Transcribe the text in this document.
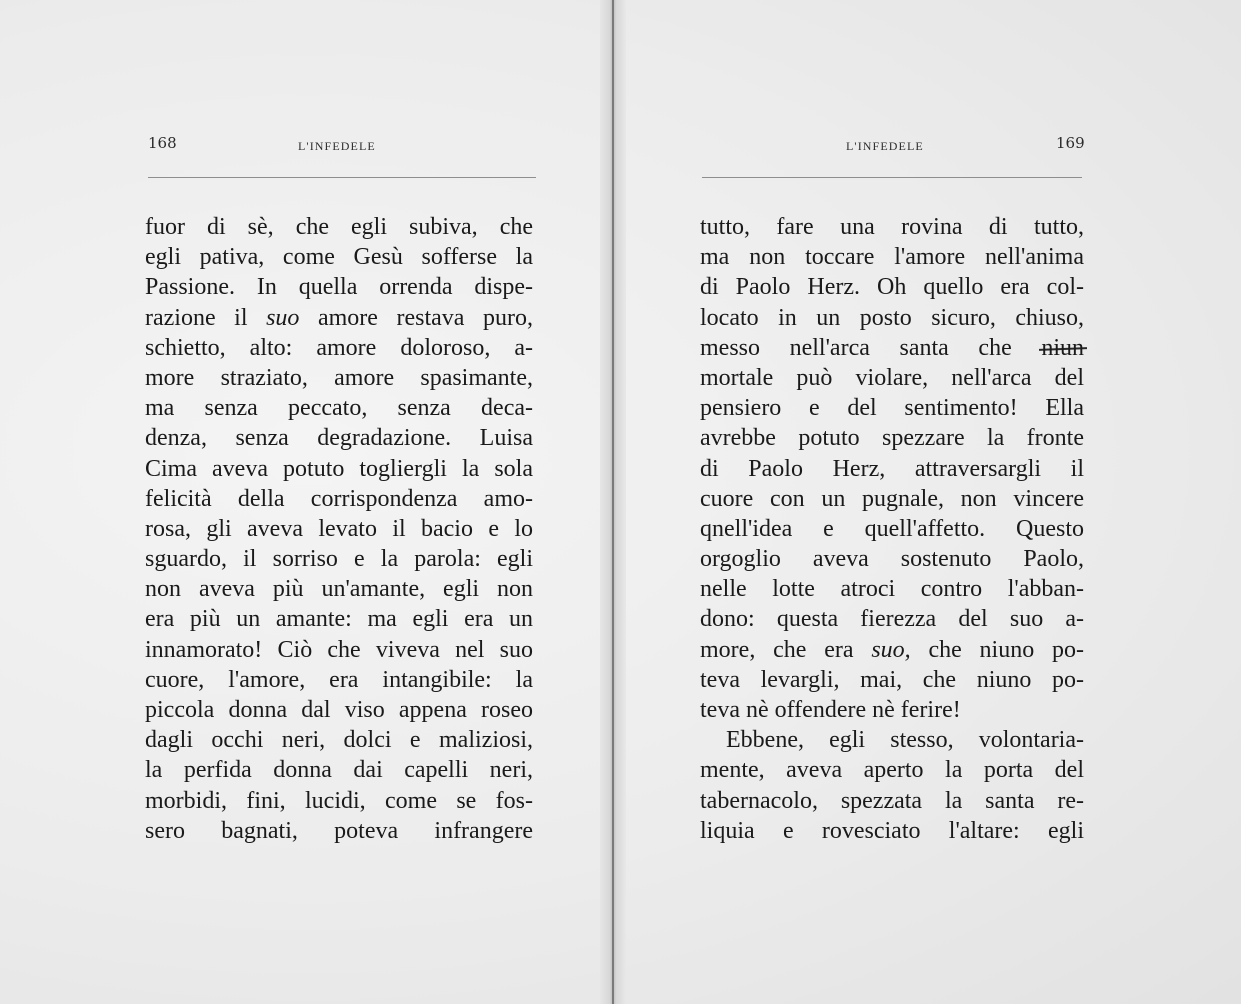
168	L'INFEDELE
fuor di sè, che egli subiva, che
egli pativa, come Gesù sofferse la
Passione. In quella orrenda dispe-
razione il suo amore restava puro,
schietto, alto: amore doloroso, a-
more straziato, amore spasimante,
ma senza peccato, senza deca-
denza, senza degradazione. Luisa
Cima aveva potuto togliergli la sola
felicità della corrispondenza amo-
rosa, gli aveva levato il bacio e lo
sguardo, il sorriso e la parola: egli
non aveva più un'amante, egli non
era più un amante: ma egli era un
innamorato! Ciò che viveva nel suo
cuore, l'amore, era intangibile: la
piccola donna dal viso appena roseo
dagli occhi neri, dolci e maliziosi,
la perfida donna dai capelli neri,
morbidi, fini, lucidi, come se fos-
sero bagnati, poteva infrangere
L'INFEDELE	169
tutto, fare una rovina di tutto,
ma non toccare l'amore nell'anima
di Paolo Herz. Oh quello era col-
locato in un posto sicuro, chiuso,
messo nell'arca santa che niun
mortale può violare, nell'arca del
pensiero e del sentimento! Ella
avrebbe potuto spezzare la fronte
di Paolo Herz, attraversargli il
cuore con un pugnale, non vincere
qnell'idea e quell'affetto. Questo
orgoglio aveva sostenuto Paolo,
nelle lotte atroci contro l'abban-
dono: questa fierezza del suo a-
more, che era suo, che niuno po-
teva levargli, mai, che niuno po-
teva nè offendere nè ferire!
Ebbene, egli stesso, volontaria-
mente, aveva aperto la porta del
tabernacolo, spezzata la santa re-
liquia e rovesciato l'altare: egli
